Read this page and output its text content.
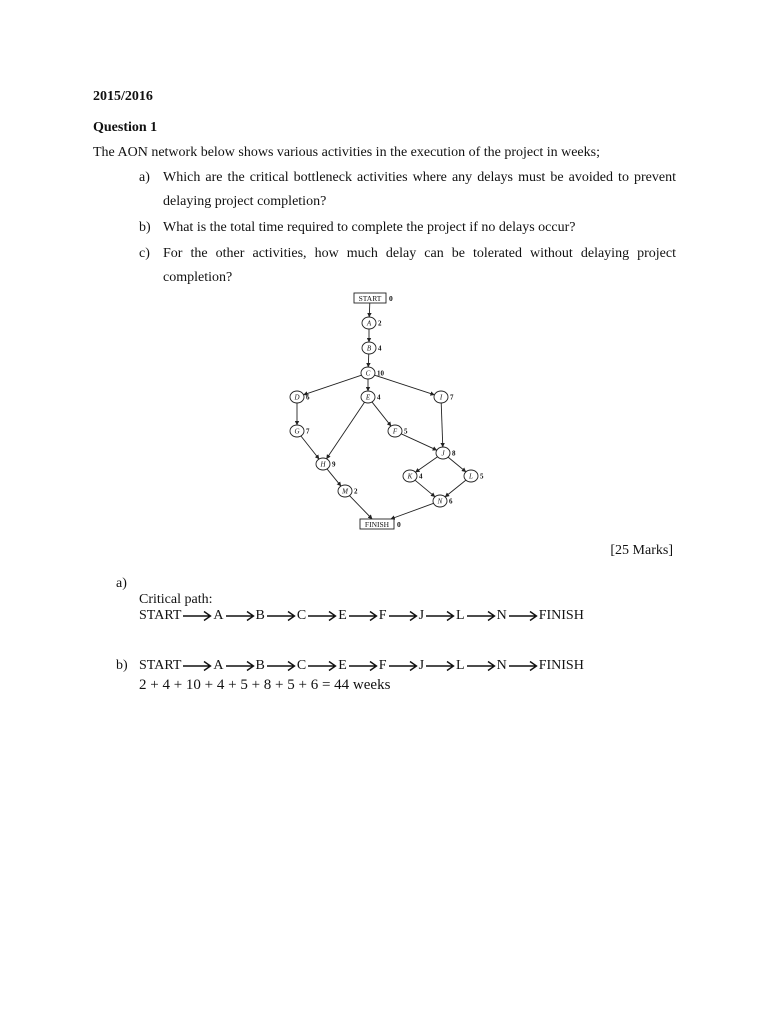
2015/2016
Question 1
The AON network below shows various activities in the execution of the project in weeks;
a) Which are the critical bottleneck activities where any delays must be avoided to prevent delaying project completion?
b) What is the total time required to complete the project if no delays occur?
c) For the other activities, how much delay can be tolerated without delaying project completion?
START 0
FINISH 0
A 2
B 4
C 10
D 6	E 4	I 7
G 7	F 5
J 8
H 9
K 4	L 5
M 2
N 6
[25 Marks]
a)
Critical path:
START A B C E F J L N FINISH
b) START A B C E F J L N FINISH
2 + 4 + 10 + 4 + 5 + 8 + 5 + 6 = 44 weeks
